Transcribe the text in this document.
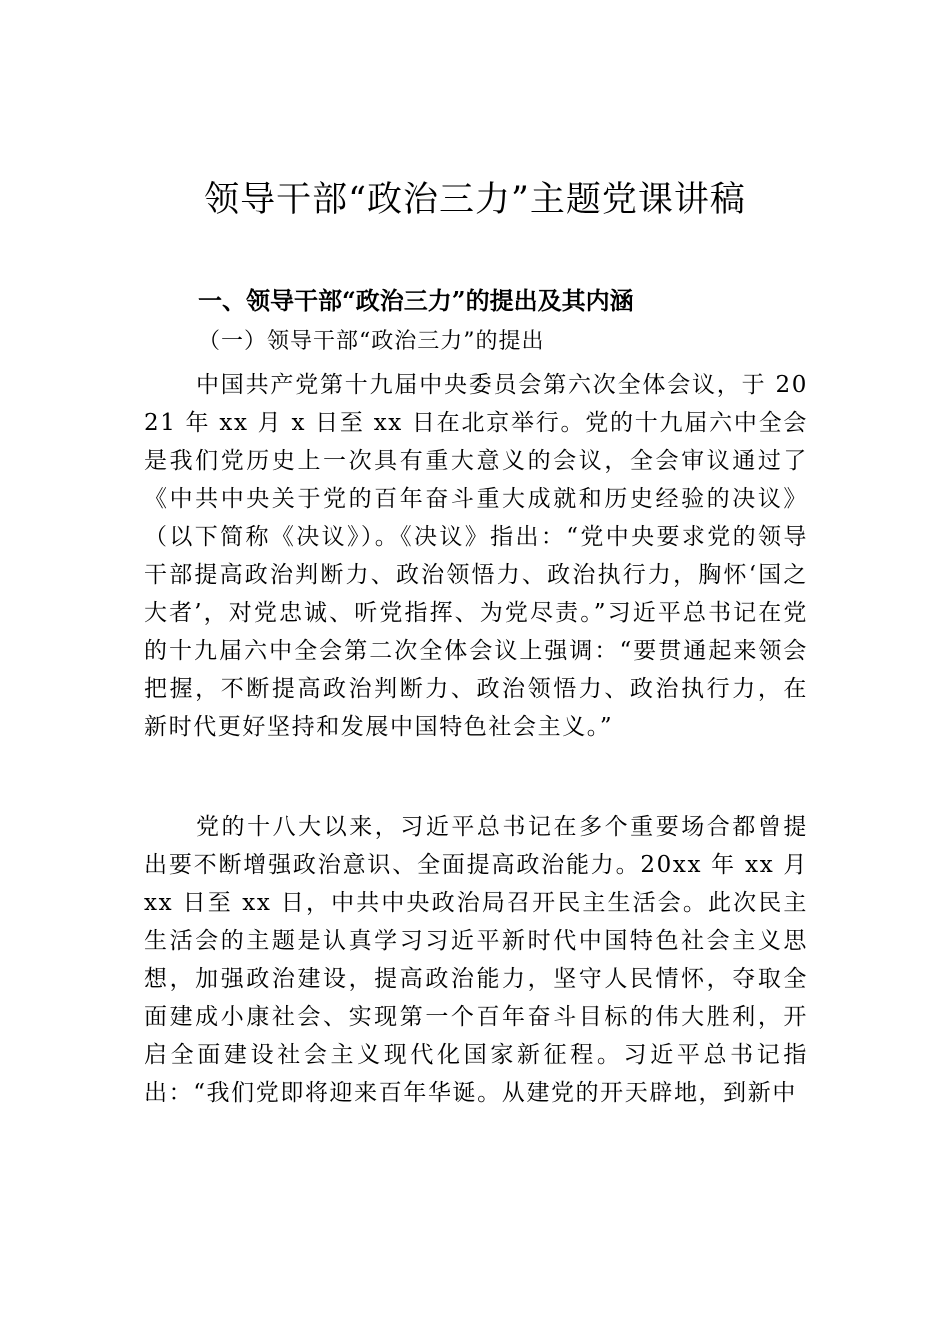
领导干部“政治三力”主题党课讲稿
一、领导干部“政治三力”的提出及其内涵
（一）领导干部“政治三力”的提出
中国共产党第十九届中央委员会第六次全体会议，于 2021 年 xx 月 x 日至 xx 日在北京举行。党的十九届六中全会是我们党历史上一次具有重大意义的会议，全会审议通过了《中共中央关于党的百年奋斗重大成就和历史经验的决议》（以下简称《决议》）。《决议》指出：“党中央要求党的领导干部提高政治判断力、政治领悟力、政治执行力，胸怀‘国之大者’，对党忠诚、听党指挥、为党尽责。”习近平总书记在党的十九届六中全会第二次全体会议上强调：“要贯通起来领会把握，不断提高政治判断力、政治领悟力、政治执行力，在新时代更好坚持和发展中国特色社会主义。”
党的十八大以来，习近平总书记在多个重要场合都曾提出要不断增强政治意识、全面提高政治能力。20xx 年 xx 月 xx 日至 xx 日，中共中央政治局召开民主生活会。此次民主生活会的主题是认真学习习近平新时代中国特色社会主义思想，加强政治建设，提高政治能力，坚守人民情怀，夺取全面建成小康社会、实现第一个百年奋斗目标的伟大胜利，开启全面建设社会主义现代化国家新征程。习近平总书记指出：“我们党即将迎来百年华诞。从建党的开天辟地，到新中
